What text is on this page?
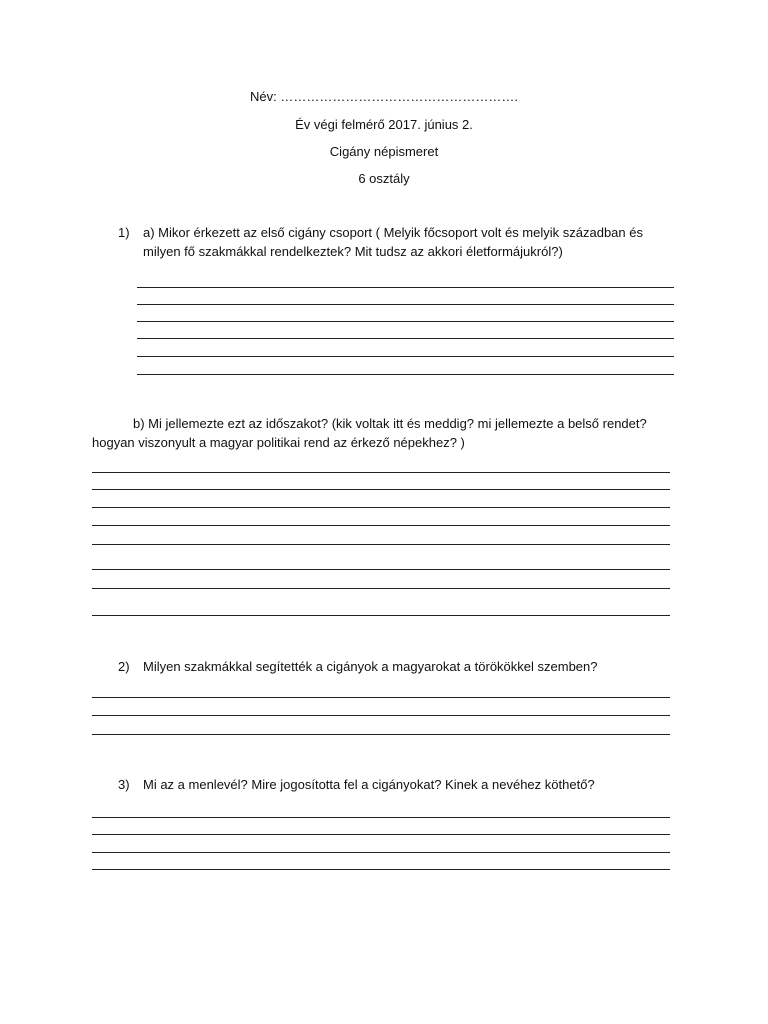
Név: ……………………………………………….
Év végi felmérő 2017. június 2.
Cigány népismeret
6 osztály
1) a) Mikor érkezett az első cigány csoport ( Melyik főcsoport volt és melyik században és
milyen fő szakmákkal rendelkeztek? Mit tudsz az akkori életformájukról?)
b) Mi jellemezte ezt az időszakot? (kik voltak itt és meddig? mi jellemezte a belső rendet?
hogyan viszonyult a magyar politikai rend az érkező népekhez? )
2) Milyen szakmákkal segítették a cigányok a magyarokat a törökökkel szemben?
3) Mi az a menlevél? Mire jogosította fel a cigányokat? Kinek a nevéhez köthető?
